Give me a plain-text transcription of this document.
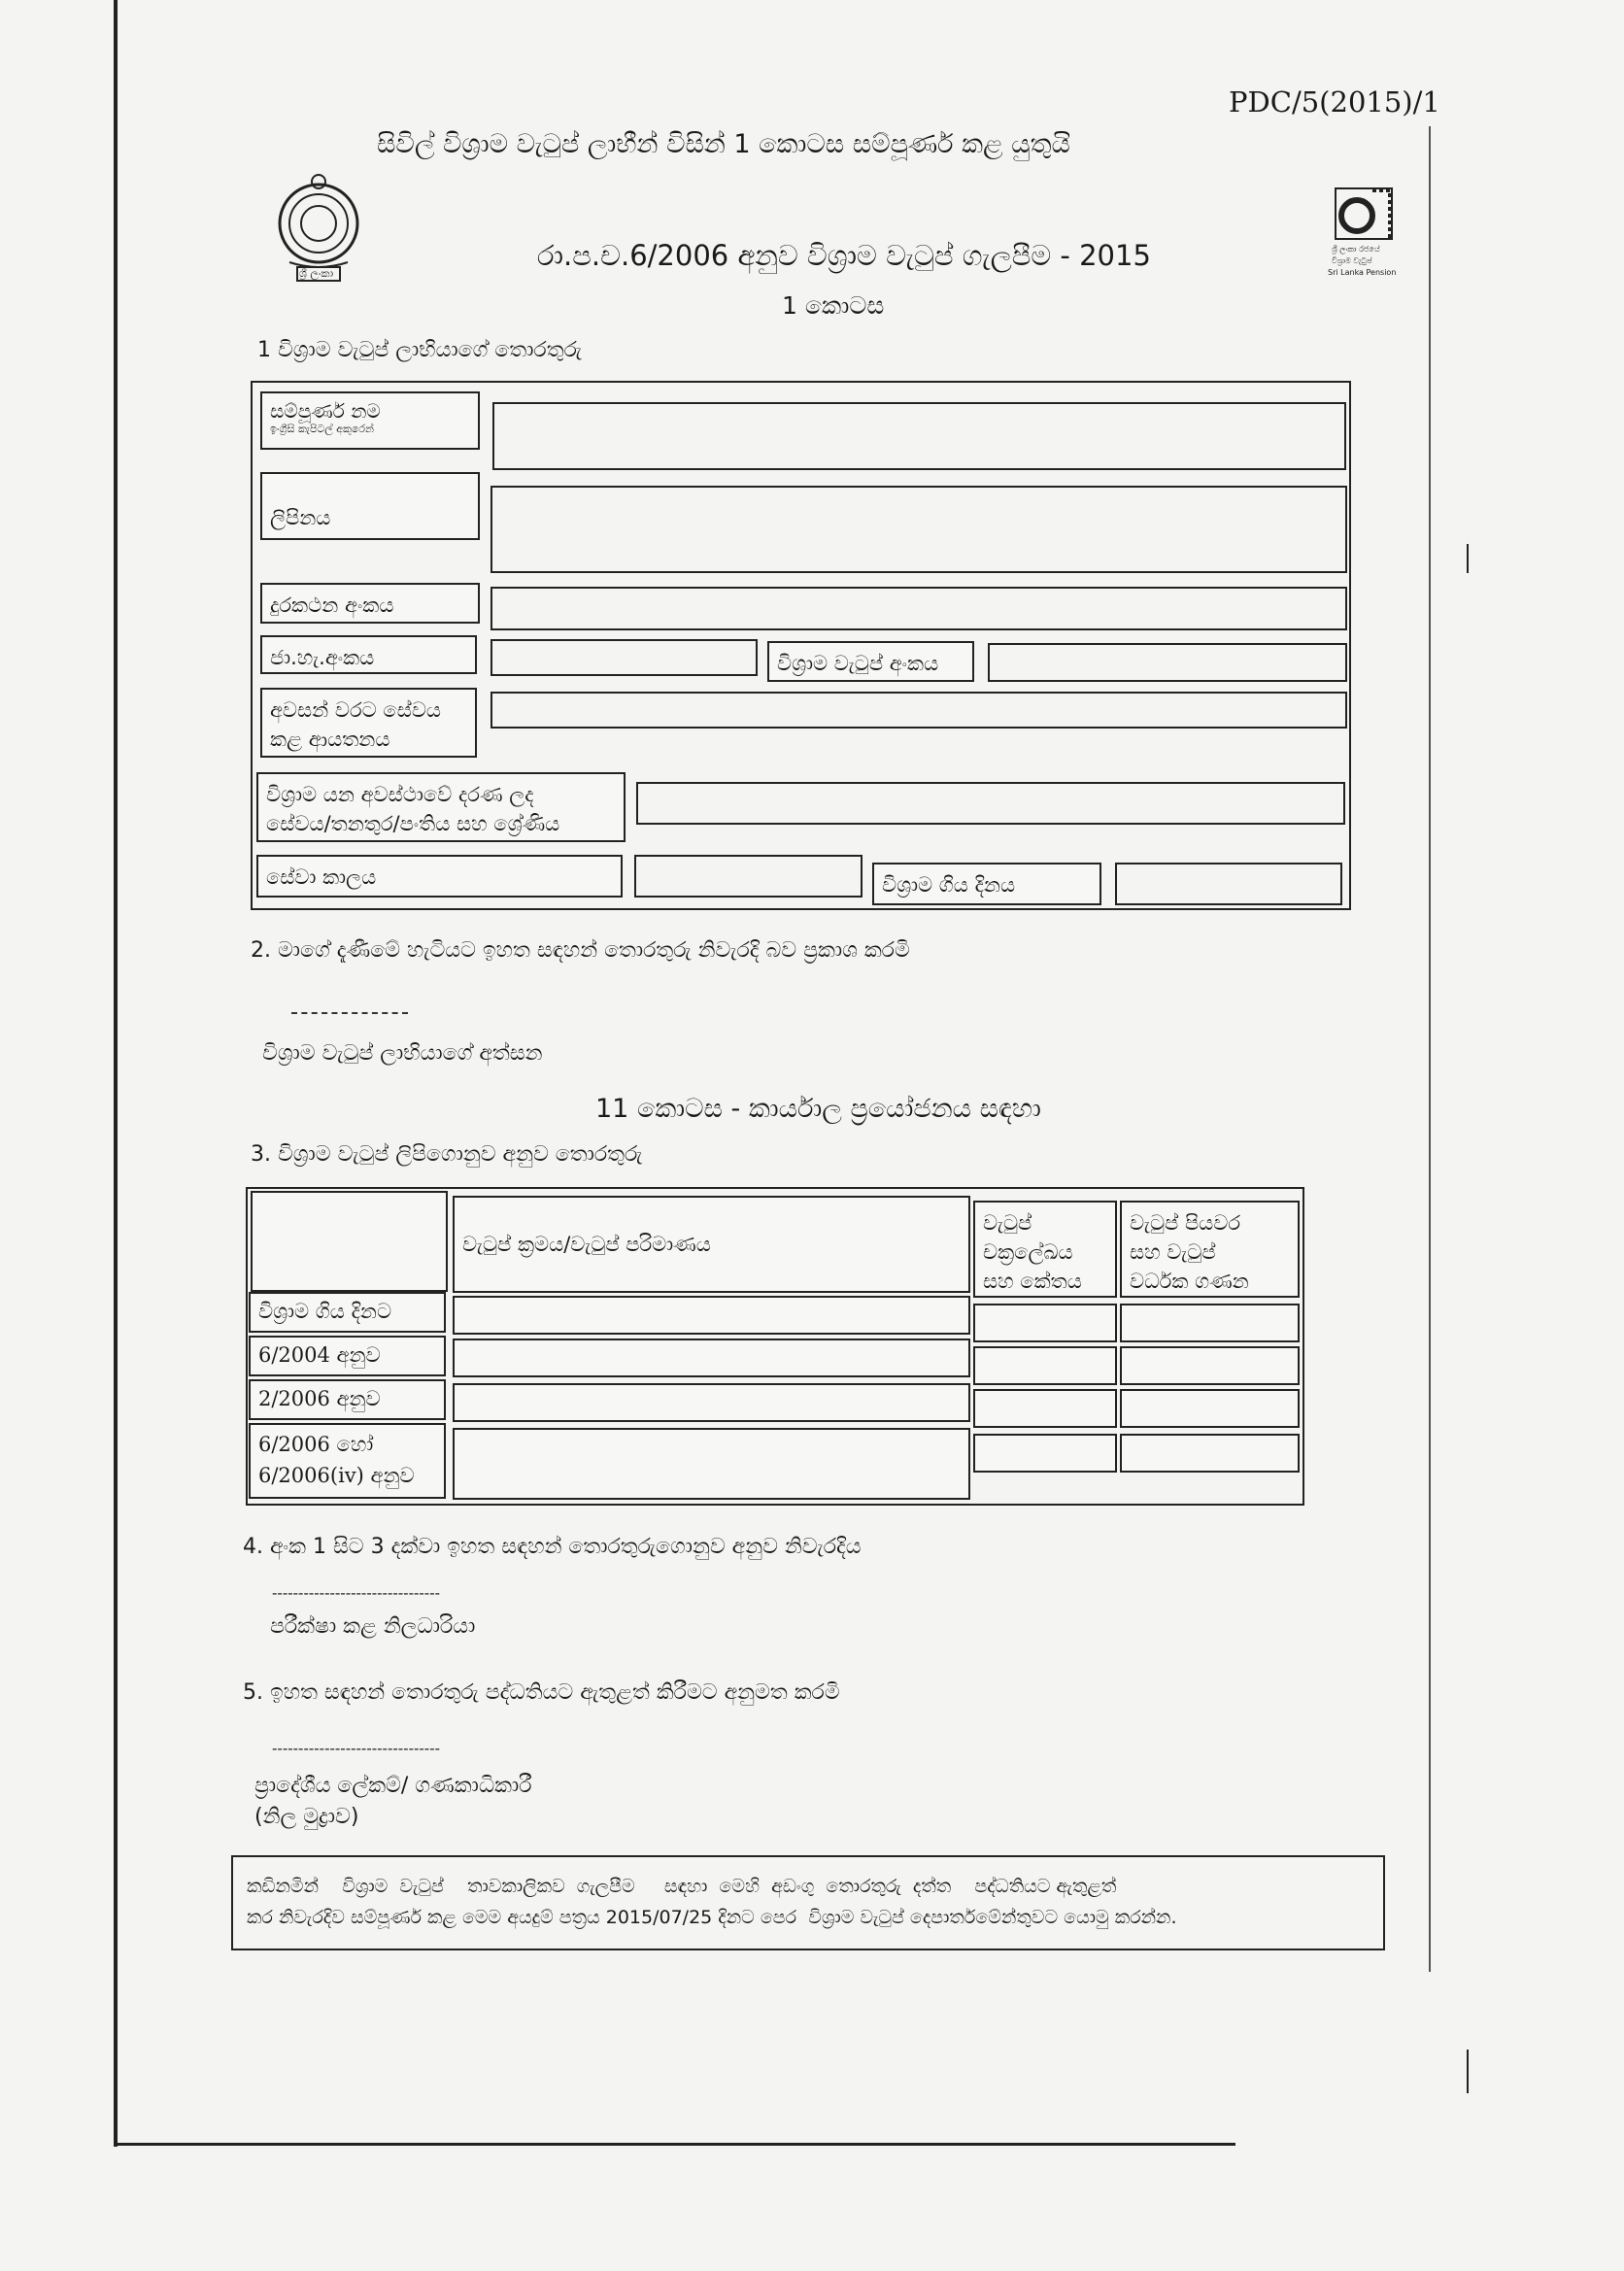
PDC/5(2015)/1
සිවිල් විශ්‍රාම වැටුප් ලාභීන් විසින් 1 කොටස සම්පූර්ණ කළ යුතුයි
ශ්‍රී ලංකා
ශ්‍රී ලංකා රජයේ
විශ්‍රාම වැටුප්
Sri Lanka Pension
රා.ප.ච.6/2006 අනුව විශ්‍රාම වැටුප් ගැලපීම - 2015
1 කොටස
1 විශ්‍රාම වැටුප් ලාභියාගේ තොරතුරු
සම්පූර්ණ නම
ඉංග්‍රීසි කැපිටල් අකුරෙන්
ලිපිනය
දුරකථන අංකය
ජා.හැ.අංකය	විශ්‍රාම වැටුප් අංකය
අවසන් වරට සේවය
කළ ආයතනය
විශ්‍රාම යන අවස්ථාවේ දරණ ලද
සේවය/තනතුර/පංතිය සහ ශ්‍රේණිය
සේවා කාලය	විශ්‍රාම ගිය දිනය
2. මාගේ දැණීමේ හැටියට ඉහත සඳහන් තොරතුරු නිවැරදි බව ප්‍රකාශ කරමි
විශ්‍රාම වැටුප් ලාභියාගේ අත්සන
11 කොටස - කාර්යාල ප්‍රයෝජනය සඳහා
3. විශ්‍රාම වැටුප් ලිපිගොනුව අනුව තොරතුරු
වැටුප් ක්‍රමය/වැටුප් පරිමාණය
වැටුප්
චක්‍රලේඛය
සහ කේතය
වැටුප් පියවර
සහ වැටුප්
වර්ධක ගණන
විශ්‍රාම ගිය දිනට
6/2004 අනුව
2/2006 අනුව
6/2006 හෝ
6/2006(iv) අනුව
4. අංක 1 සිට 3 දක්වා ඉහත සඳහන් තොරතුරුගොනුව අනුව නිවැරදිය
--------------------------------
පරීක්ෂා කළ නිලධාරියා
5. ඉහත සඳහන් තොරතුරු පද්ධතියට ඇතුළත් කිරීමට අනුමත කරමි
--------------------------------
ප්‍රාදේශීය ලේකම්/ ගණකාධිකාරී
(නිල මුද්‍රාව)
කඩිනමින්    විශ්‍රාම  වැටුප්    තාවකාලිකව  ගැලපීම     සඳහා  මෙහි  අඩංගු  තොරතුරු  දත්ත    පද්ධතියට ඇතුළත්
කර නිවැරදිව සම්පූර්ණ කළ මෙම අයදුම් පත්‍රය 2015/07/25 දිනට පෙර  විශ්‍රාම වැටුප් දෙපාර්තමේන්තුවට යොමු කරන්න.
